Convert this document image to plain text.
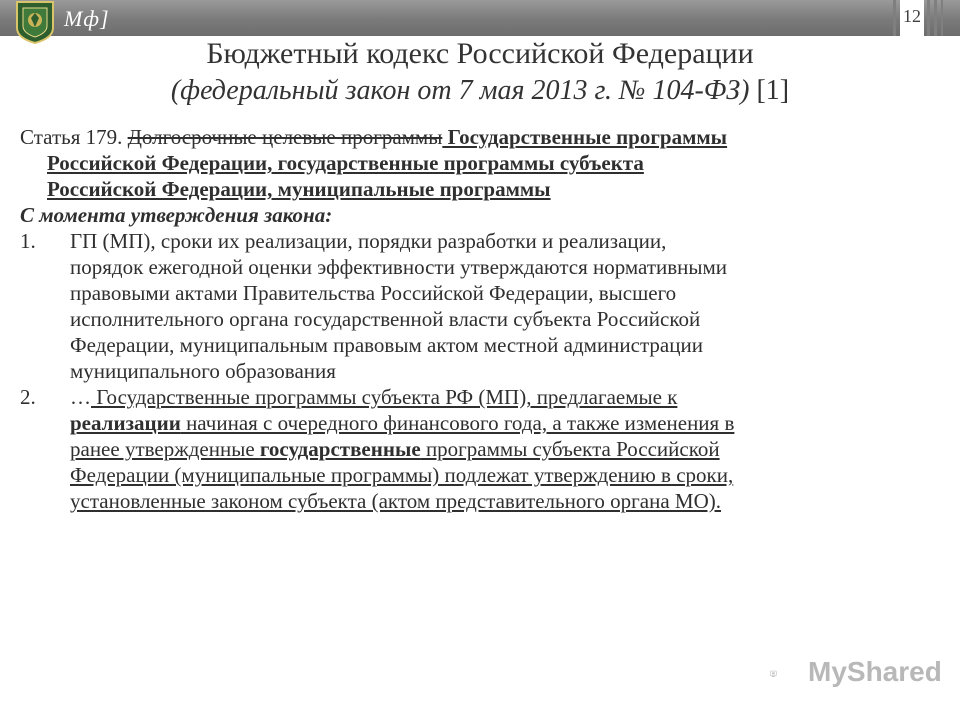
Мф]	12
Бюджетный кодекс Российской Федерации
(федеральный закон от 7 мая 2013 г. № 104-ФЗ) [1]
Статья 179. Долгосрочные целевые программы Государственные программы
Российской Федерации, государственные программы субъекта
Российской Федерации, муниципальные программы
С момента утверждения закона:
1. ГП (МП), сроки их реализации, порядки разработки и реализации,
порядок ежегодной оценки эффективности утверждаются нормативными
правовыми актами Правительства Российской Федерации, высшего
исполнительного органа государственной власти субъекта Российской
Федерации, муниципальным правовым актом местной администрации
муниципального образования
2. … Государственные программы субъекта РФ (МП), предлагаемые к
реализации начиная с очередного финансового года, а также изменения в
ранее утвержденные государственные программы субъекта Российской
Федерации (муниципальные программы) подлежат утверждению в сроки,
установленные законом субъекта (актом представительного органа МО).
MyShared
